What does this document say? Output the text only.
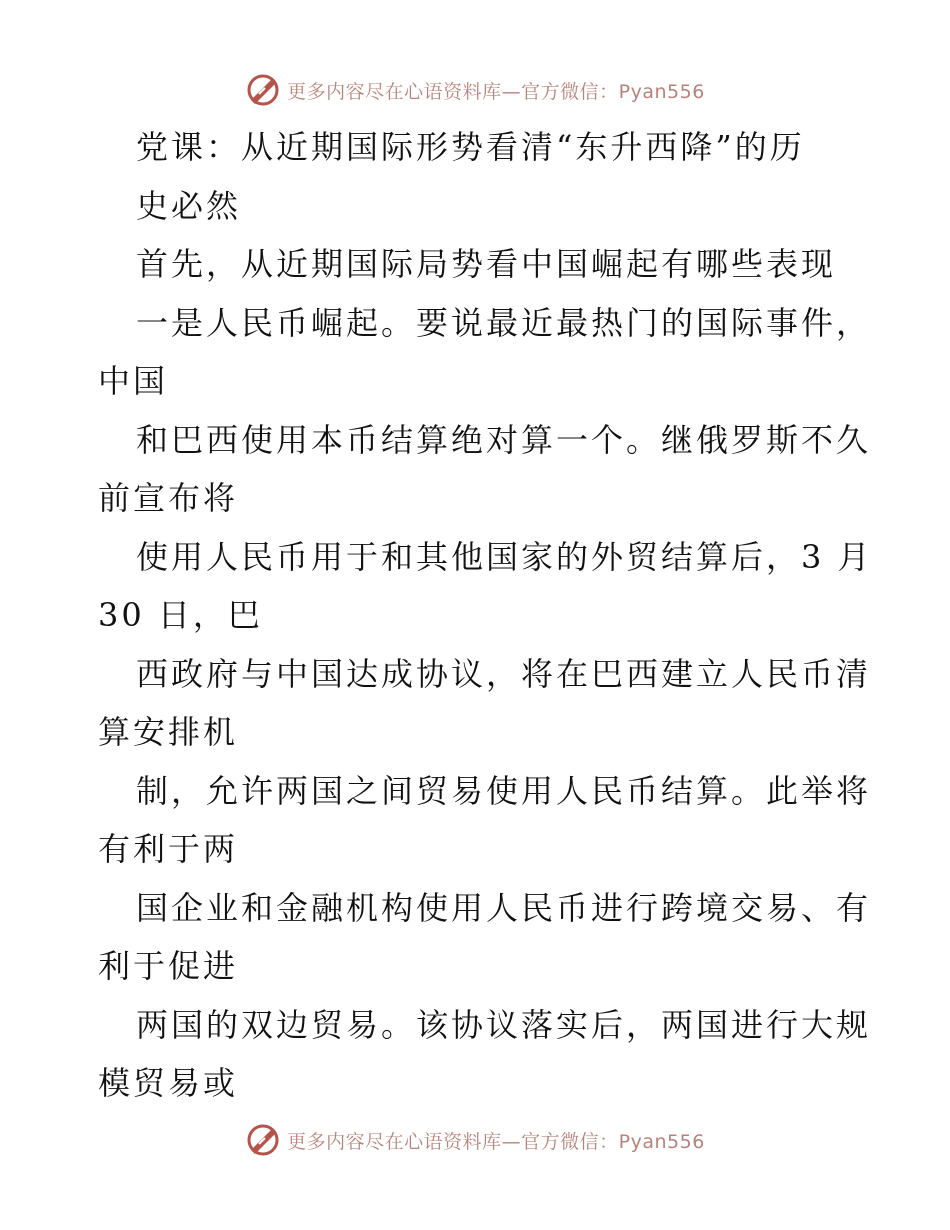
更多内容尽在心语资料库—官方微信：Pyan556
党课：从近期国际形势看清“东升西降”的历
史必然
首先，从近期国际局势看中国崛起有哪些表现
一是人民币崛起。要说最近最热门的国际事件，
中国
和巴西使用本币结算绝对算一个。继俄罗斯不久
前宣布将
使用人民币用于和其他国家的外贸结算后，3 月
30 日，巴
西政府与中国达成协议，将在巴西建立人民币清
算安排机
制，允许两国之间贸易使用人民币结算。此举将
有利于两
国企业和金融机构使用人民币进行跨境交易、有
利于促进
两国的双边贸易。该协议落实后，两国进行大规
模贸易或
更多内容尽在心语资料库—官方微信：Pyan556
